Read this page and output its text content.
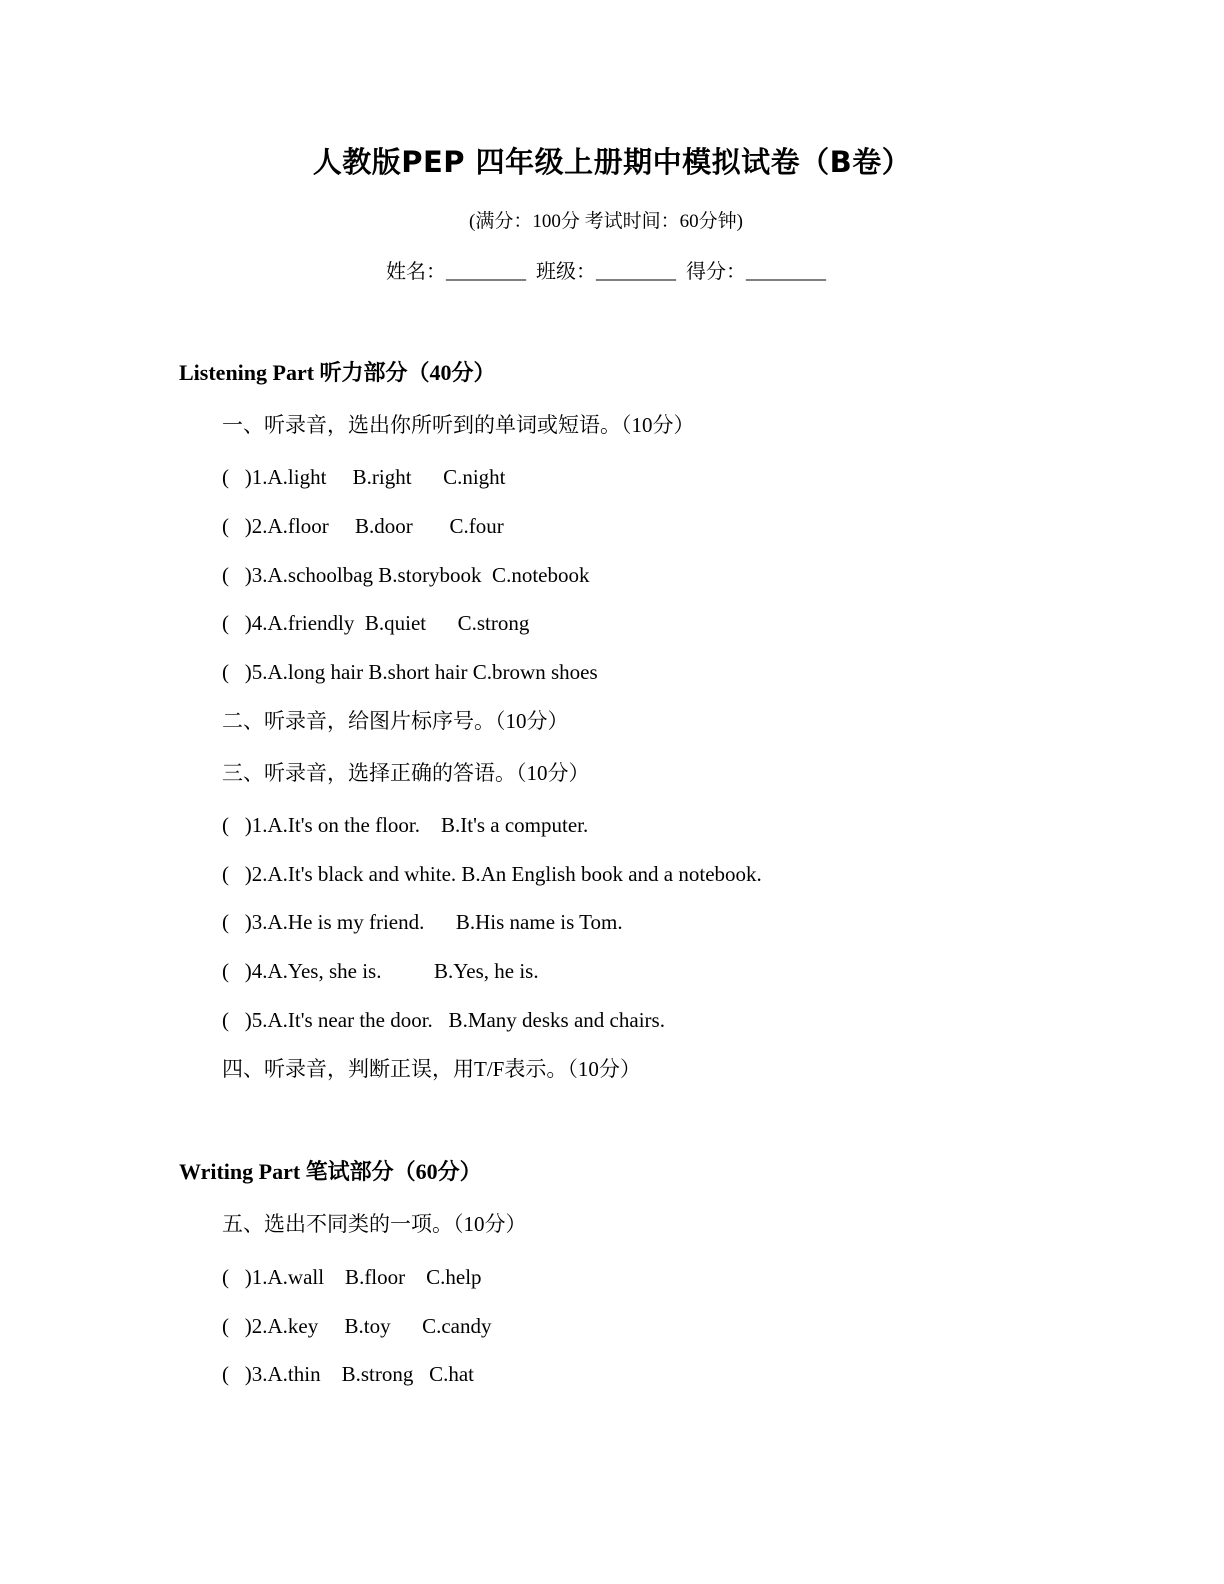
人教版PEP 四年级上册期中模拟试卷（B卷）
(满分：100分 考试时间：60分钟)
姓名：________  班级：________  得分：________
Listening Part 听力部分（40分）
一、听录音，选出你所听到的单词或短语。（10分）
(   )1.A.light     B.right      C.night
(   )2.A.floor     B.door       C.four
(   )3.A.schoolbag B.storybook  C.notebook
(   )4.A.friendly  B.quiet      C.strong
(   )5.A.long hair B.short hair C.brown shoes
二、听录音，给图片标序号。（10分）
三、听录音，选择正确的答语。（10分）
(   )1.A.It's on the floor.    B.It's a computer.
(   )2.A.It's black and white. B.An English book and a notebook.
(   )3.A.He is my friend.      B.His name is Tom.
(   )4.A.Yes, she is.          B.Yes, he is.
(   )5.A.It's near the door.   B.Many desks and chairs.
四、听录音，判断正误，用T/F表示。（10分）
Writing Part 笔试部分（60分）
五、选出不同类的一项。（10分）
(   )1.A.wall    B.floor    C.help
(   )2.A.key     B.toy      C.candy
(   )3.A.thin    B.strong   C.hat
